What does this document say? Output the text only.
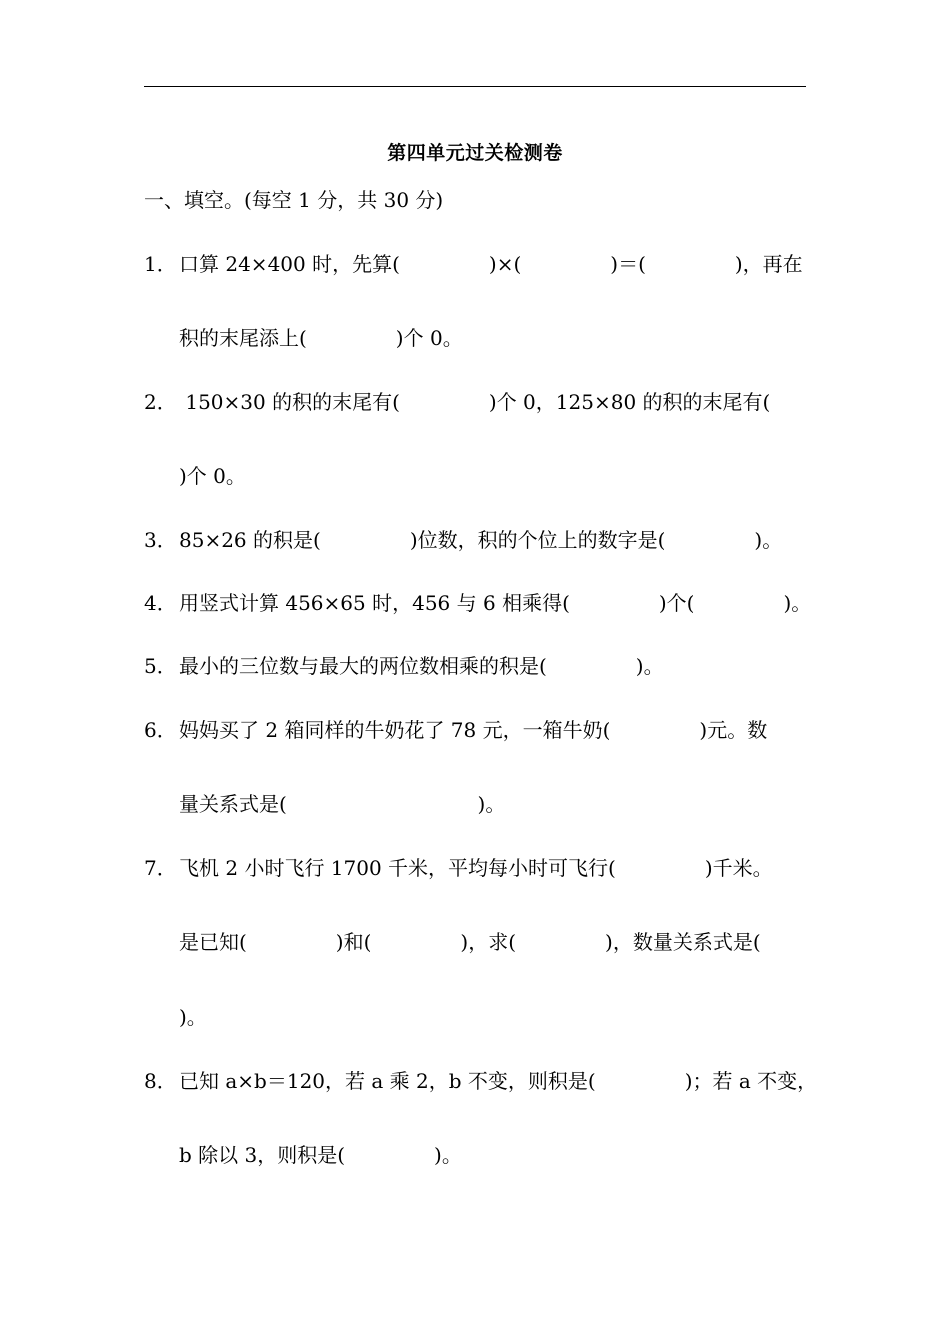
第四单元过关检测卷
一、填空。(每空 1 分，共 30 分)
1． 口算 24×400 时，先算(              )×(              )＝(              )，再在
积的末尾添上(              )个 0。
2． 150×30 的积的末尾有(              )个 0，125×80 的积的末尾有(
)个 0。
3． 85×26 的积是(              )位数，积的个位上的数字是(              )。
4． 用竖式计算 456×65 时，456 与 6 相乘得(              )个(              )。
5． 最小的三位数与最大的两位数相乘的积是(              )。
6． 妈妈买了 2 箱同样的牛奶花了 78 元，一箱牛奶(              )元。数
量关系式是(                              )。
7． 飞机 2 小时飞行 1700 千米，平均每小时可飞行(              )千米。
是已知(              )和(              )，求(              )，数量关系式是(
)。
8． 已知 a×b＝120，若 a 乘 2，b 不变，则积是(              )；若 a 不变，
b 除以 3，则积是(              )。
